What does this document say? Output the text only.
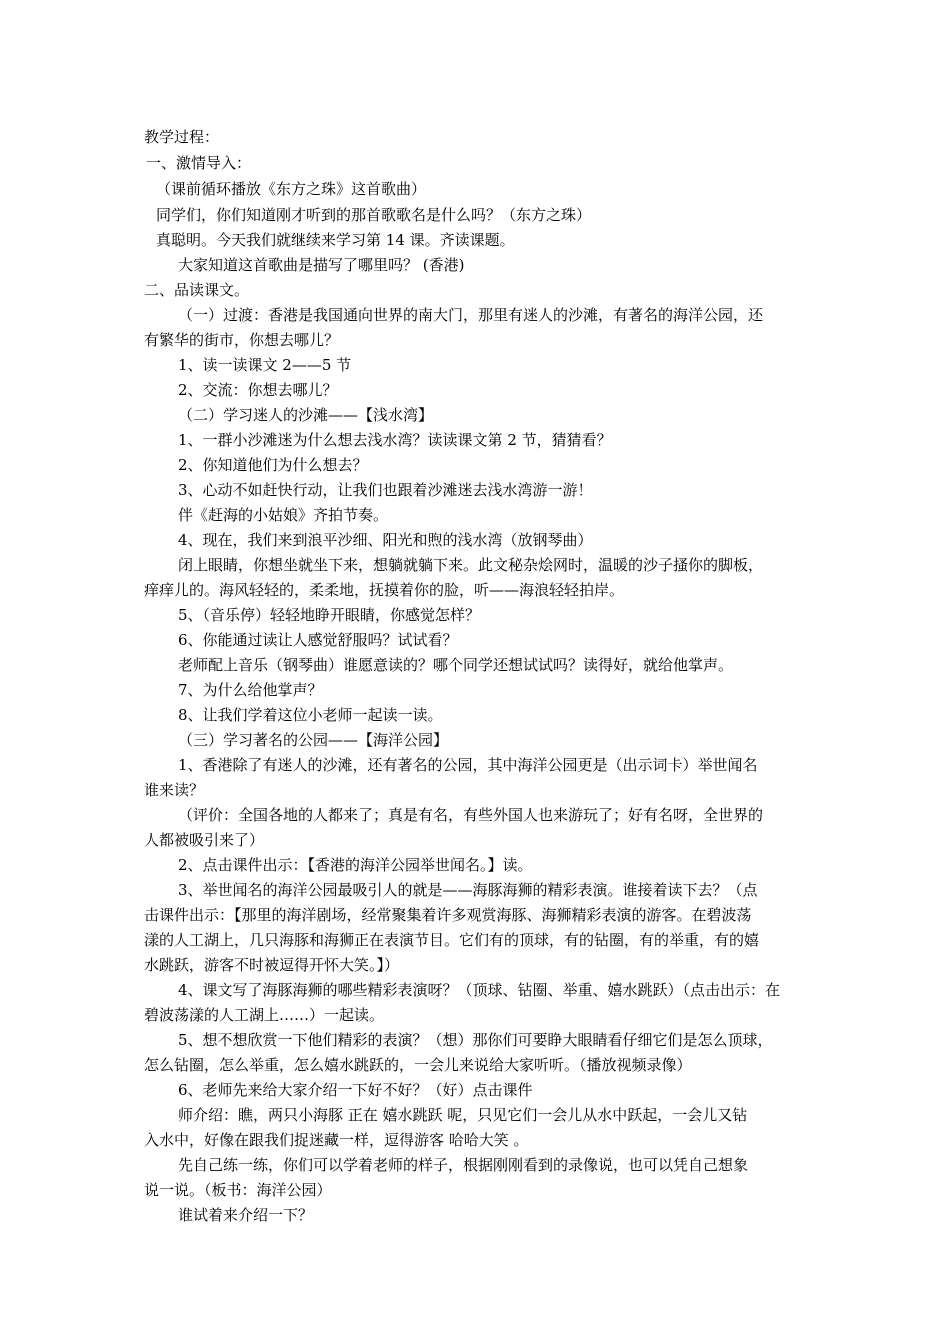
教学过程：
一、激情导入：
（课前循环播放《东方之珠》这首歌曲）
同学们，你们知道刚才听到的那首歌歌名是什么吗？（东方之珠）
真聪明。今天我们就继续来学习第 14 课。齐读课题。
大家知道这首歌曲是描写了哪里吗？ (香港)
二、品读课文。
（一）过渡：香港是我国通向世界的南大门，那里有迷人的沙滩，有著名的海洋公园，还
有繁华的街市，你想去哪儿？
1、读一读课文 2——5 节
2、交流：你想去哪儿？
（二）学习迷人的沙滩——【浅水湾】
1、一群小沙滩迷为什么想去浅水湾？读读课文第 2 节，猜猜看？
2、你知道他们为什么想去？
3、心动不如赶快行动，让我们也跟着沙滩迷去浅水湾游一游！
伴《赶海的小姑娘》齐拍节奏。
4、现在，我们来到浪平沙细、阳光和煦的浅水湾（放钢琴曲）
闭上眼睛，你想坐就坐下来，想躺就躺下来。此文秘杂烩网时，温暖的沙子搔你的脚板，
痒痒儿的。海风轻轻的，柔柔地，抚摸着你的脸，听——海浪轻轻拍岸。
5、（音乐停）轻轻地睁开眼睛，你感觉怎样？
6、你能通过读让人感觉舒服吗？试试看？
老师配上音乐（钢琴曲）谁愿意读的？哪个同学还想试试吗？读得好，就给他掌声。
7、为什么给他掌声？
8、让我们学着这位小老师一起读一读。
（三）学习著名的公园——【海洋公园】
1、香港除了有迷人的沙滩，还有著名的公园，其中海洋公园更是（出示词卡）举世闻名
谁来读？
（评价：全国各地的人都来了；真是有名，有些外国人也来游玩了；好有名呀，全世界的
人都被吸引来了）
2、点击课件出示：【香港的海洋公园举世闻名。】读。
3、举世闻名的海洋公园最吸引人的就是——海豚海狮的精彩表演。谁接着读下去？（点
击课件出示：【那里的海洋剧场，经常聚集着许多观赏海豚、海狮精彩表演的游客。在碧波荡
漾的人工湖上，几只海豚和海狮正在表演节目。它们有的顶球，有的钻圈，有的举重，有的嬉
水跳跃，游客不时被逗得开怀大笑。】）
4、课文写了海豚海狮的哪些精彩表演呀？（顶球、钻圈、举重、嬉水跳跃）（点击出示：在
碧波荡漾的人工湖上……）一起读。
5、想不想欣赏一下他们精彩的表演？（想）那你们可要睁大眼睛看仔细它们是怎么顶球，
怎么钻圈，怎么举重，怎么嬉水跳跃的，一会儿来说给大家听听。（播放视频录像）
6、老师先来给大家介绍一下好不好？（好）点击课件
师介绍：瞧，两只小海豚 正在 嬉水跳跃 呢，只见它们一会儿从水中跃起，一会儿又钻
入水中，好像在跟我们捉迷藏一样，逗得游客 哈哈大笑 。
先自己练一练，你们可以学着老师的样子，根据刚刚看到的录像说，也可以凭自己想象
说一说。（板书：海洋公园）
谁试着来介绍一下？
